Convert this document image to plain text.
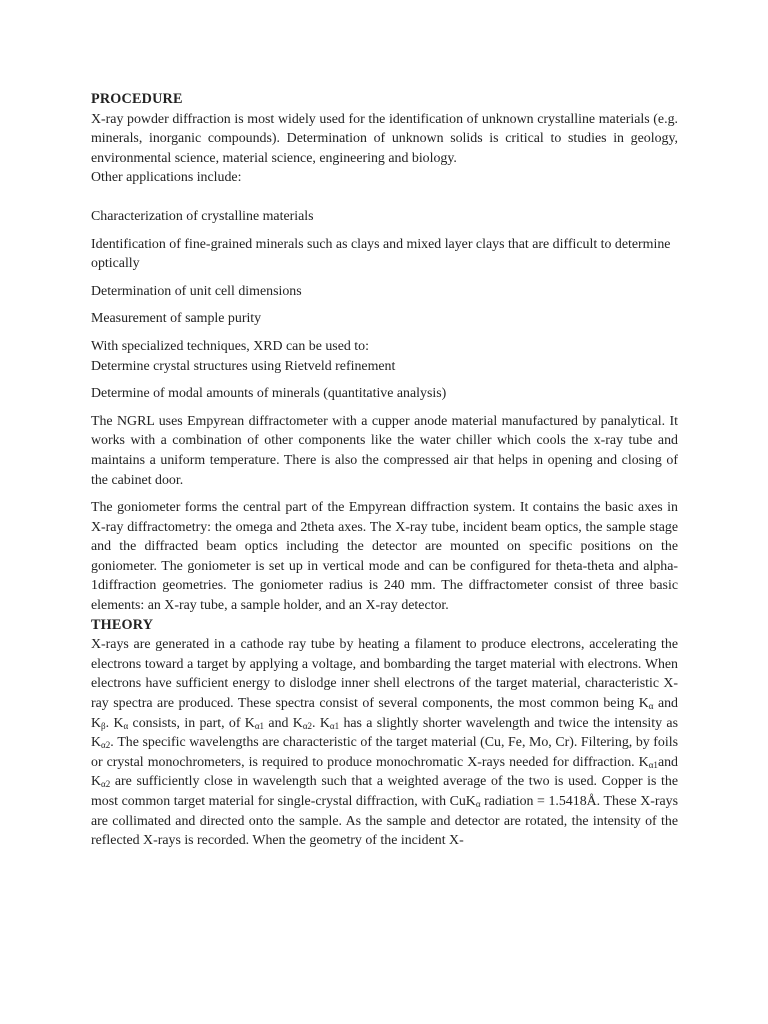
PROCEDURE

X-ray powder diffraction is most widely used for the identification of unknown crystalline materials (e.g. minerals, inorganic compounds). Determination of unknown solids is critical to studies in geology, environmental science, material science, engineering and biology.

Other applications include:

Characterization of crystalline materials

Identification of fine-grained minerals such as clays and mixed layer clays that are difficult to determine optically

Determination of unit cell dimensions

Measurement of sample purity

With specialized techniques, XRD can be used to:

Determine crystal structures using Rietveld refinement

Determine of modal amounts of minerals (quantitative analysis)

The NGRL uses Empyrean diffractometer with a cupper anode material manufactured by panalytical. It works with a combination of other components like the water chiller which cools the x-ray tube and maintains a uniform temperature. There is also the compressed air that helps in opening and closing of the cabinet door.

The goniometer forms the central part of the Empyrean diffraction system. It contains the basic axes in X-ray diffractometry: the omega and 2theta axes. The X-ray tube, incident beam optics, the sample stage and the diffracted beam optics including the detector are mounted on specific positions on the goniometer. The goniometer is set up in vertical mode and can be configured for theta-theta and alpha-1diffraction geometries. The goniometer radius is 240 mm. The diffractometer consist of three basic elements: an X-ray tube, a sample holder, and an X-ray detector.

THEORY

X-rays are generated in a cathode ray tube by heating a filament to produce electrons, accelerating the electrons toward a target by applying a voltage, and bombarding the target material with electrons. When electrons have sufficient energy to dislodge inner shell electrons of the target material, characteristic X-ray spectra are produced. These spectra consist of several components, the most common being $K_\alpha$ and $K_\beta$. $K_\alpha$ consists, in part, of $K_{\alpha 1}$ and $K_{\alpha 2}$. $K_{\alpha 1}$ has a slightly shorter wavelength and twice the intensity as $K_{\alpha 2}$. The specific wavelengths are characteristic of the target material (Cu, Fe, Mo, Cr). Filtering, by foils or crystal monochrometers, is required to produce monochromatic X-rays needed for diffraction. $K_{\alpha 1}and$ $K_{\alpha 2}$ are sufficiently close in wavelength such that a weighted average of the two is used. Copper is the most common target material for single-crystal diffraction, with CuK$_\alpha$ radiation = 1.5418Å. These X-rays are collimated and directed onto the sample. As the sample and detector are rotated, the intensity of the reflected X-rays is recorded. When the geometry of the incident X-
